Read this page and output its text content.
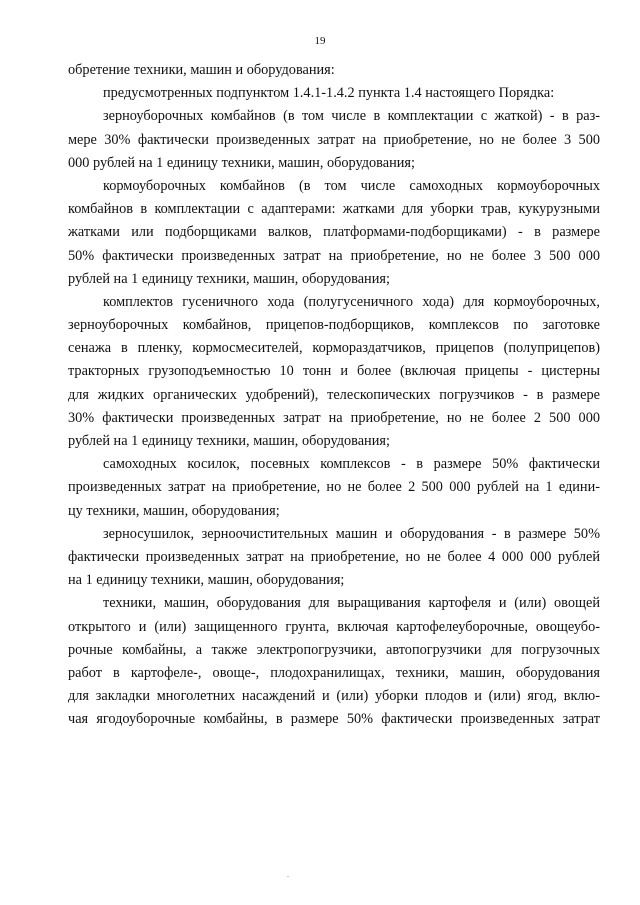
19
обретение техники, машин и оборудования:
предусмотренных подпунктом 1.4.1-1.4.2 пункта 1.4 настоящего Порядка:
зерноуборочных комбайнов (в том числе в комплектации с жаткой) - в раз-
мере 30% фактически произведенных затрат на приобретение, но не более 3 500
000 рублей на 1 единицу техники, машин, оборудования;
кормоуборочных комбайнов (в том числе самоходных кормоуборочных
комбайнов в комплектации с адаптерами: жатками для уборки трав, кукурузными
жатками или подборщиками валков, платформами-подборщиками) - в размере
50% фактически произведенных затрат на приобретение, но не более 3 500 000
рублей на 1 единицу техники, машин, оборудования;
комплектов гусеничного хода (полугусеничного хода) для кормоуборочных,
зерноуборочных комбайнов, прицепов-подборщиков, комплексов по заготовке
сенажа в пленку, кормосмесителей, кормораздатчиков, прицепов (полуприцепов)
тракторных грузоподъемностью 10 тонн и более (включая прицепы - цистерны
для жидких органических удобрений), телескопических погрузчиков - в размере
30% фактически произведенных затрат на приобретение, но не более 2 500 000
рублей на 1 единицу техники, машин, оборудования;
самоходных косилок, посевных комплексов - в размере 50% фактически
произведенных затрат на приобретение, но не более 2 500 000 рублей на 1 едини-
цу техники, машин, оборудования;
зерносушилок, зерноочистительных машин и оборудования - в размере 50%
фактически произведенных затрат на приобретение, но не более 4 000 000 рублей
на 1 единицу техники, машин, оборудования;
техники, машин, оборудования для выращивания картофеля и (или) овощей
открытого и (или) защищенного грунта, включая картофелеуборочные, овощеубо-
рочные комбайны, а также электропогрузчики, автопогрузчики для погрузочных
работ в картофеле-, овоще-, плодохранилищах, техники, машин, оборудования
для закладки многолетних насаждений и (или) уборки плодов и (или) ягод, вклю-
чая ягодоуборочные комбайны, в размере 50% фактически произведенных затрат
